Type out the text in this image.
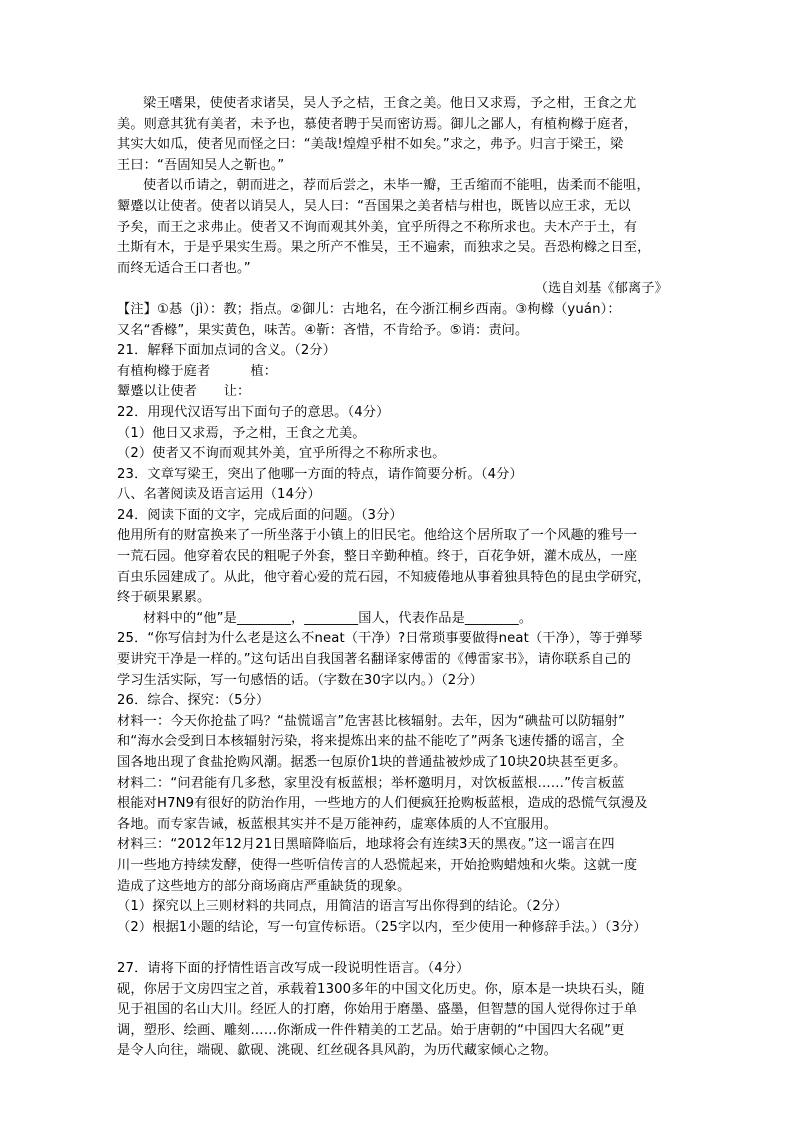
梁王嗜果，使使者求诸吴，吴人予之桔，王食之美。他日又求焉，予之柑，王食之尤
美。则意其犹有美者，未予也，慕使者聘于吴而密访焉。御儿之鄙人，有植枸橼于庭者，
其实大如瓜，使者见而怪之曰：“美哉!煌煌乎柑不如矣。”求之，弗予。归言于梁王，梁
王曰：“吾固知吴人之靳也。”
使者以币请之，朝而进之，荐而后尝之，未毕一瓣，王舌缩而不能咀，齿柔而不能咀，
颦蹙以让使者。使者以诮吴人，吴人曰：“吾国果之美者桔与柑也，既皆以应王求，无以
予矣，而王之求弗止。使者又不询而观其外美，宜乎所得之不称所求也。夫木产于土，有
土斯有木，于是乎果实生焉。果之所产不惟吴，王不遍索，而独求之吴。吾恐枸橼之日至，
而终无适合王口者也。”
（选自刘基《郁离子》
【注】①惎（jì）：教；指点。②御儿：古地名，在今浙江桐乡西南。③枸橼（yuán）：
又名“香橼”，果实黄色，味苦。④靳：吝惜，不肯给予。⑤诮：责问。
21．解释下面加点词的含义。（2分）
有植枸橼于庭者　　　植：
颦蹙以让使者　　让：
22．用现代汉语写出下面句子的意思。（4分）
（1）他日又求焉，予之柑，王食之尤美。
（2）使者又不询而观其外美，宜乎所得之不称所求也。
23．文章写梁王，突出了他哪一方面的特点，请作简要分析。（4分）
八、名著阅读及语言运用（14分）
24．阅读下面的文字，完成后面的问题。（3分）
他用所有的财富换来了一所坐落于小镇上的旧民宅。他给这个居所取了一个风趣的雅号一
一荒石园。他穿着农民的粗呢子外套，整日辛勤种植。终于，百花争妍，灌木成丛，一座
百虫乐园建成了。从此，他守着心爱的荒石园，不知疲倦地从事着独具特色的昆虫学研究，
终于硕果累累。
材料中的“他”是________，________国人，代表作品是________。
25．“你写信封为什么老是这么不neat（干净）?日常琐事要做得neat（干净），等于弹琴
要讲究干净是一样的。”这句话出自我国著名翻译家傅雷的《傅雷家书》，请你联系自己的
学习生活实际，写一句感悟的话。（字数在30字以内。）（2分）
26．综合、探究：（5分）
材料一：今天你抢盐了吗？“盐慌谣言”危害甚比核辐射。去年，因为“碘盐可以防辐射”
和“海水会受到日本核辐射污染，将来提炼出来的盐不能吃了”两条飞速传播的谣言，全
国各地出现了食盐抢购风潮。据悉一包原价1块的普通盐被炒成了10块20块甚至更多。
材料二：“问君能有几多愁，家里没有板蓝根；举杯邀明月，对饮板蓝根……”传言板蓝
根能对H7N9有很好的防治作用，一些地方的人们便疯狂抢购板蓝根，造成的恐慌气氛漫及
各地。而专家告诫，板蓝根其实并不是万能神药，虚寒体质的人不宜服用。
材料三：“2012年12月21日黑暗降临后，地球将会有连续3天的黑夜。”这一谣言在四
川一些地方持续发酵，使得一些听信传言的人恐慌起来，开始抢购蜡烛和火柴。这就一度
造成了这些地方的部分商场商店严重缺货的现象。
（1）探究以上三则材料的共同点，用简洁的语言写出你得到的结论。（2分）
（2）根据1小题的结论，写一句宣传标语。（25字以内，至少使用一种修辞手法。）（3分）
27．请将下面的抒情性语言改写成一段说明性语言。（4分）
砚，你居于文房四宝之首，承载着1300多年的中国文化历史。你，原本是一块块石头，随
见于祖国的名山大川。经匠人的打磨，你始用于磨墨、盛墨，但智慧的国人觉得你过于单
调，塑形、绘画、雕刻……你渐成一件件精美的工艺品。始于唐朝的“中国四大名砚”更
是令人向往，端砚、歙砚、洮砚、红丝砚各具风韵，为历代藏家倾心之物。
